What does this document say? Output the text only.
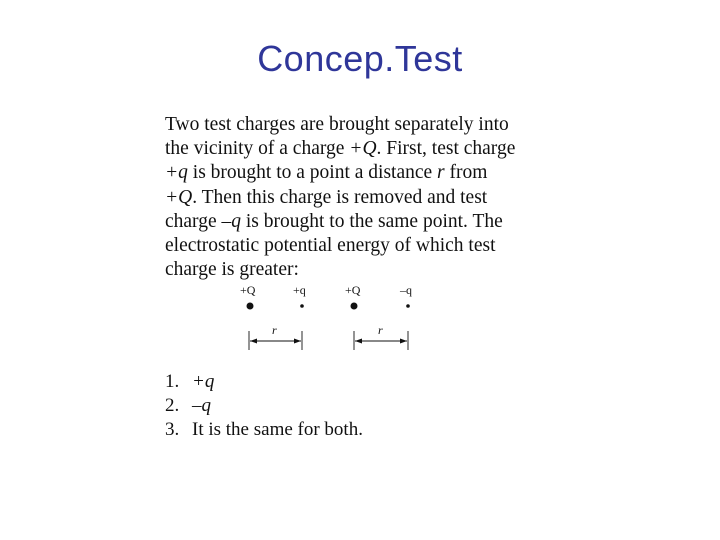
Concep.Test

Two test charges are brought separately into
the vicinity of a charge +Q. First, test charge
+q is brought to a point a distance r from
+Q. Then this charge is removed and test
charge –q is brought to the same point. The
electrostatic potential energy of which test
charge is greater:

+Q	+q
r
+Q	–q
r
1. +q
2. –q
3. It is the same for both.
